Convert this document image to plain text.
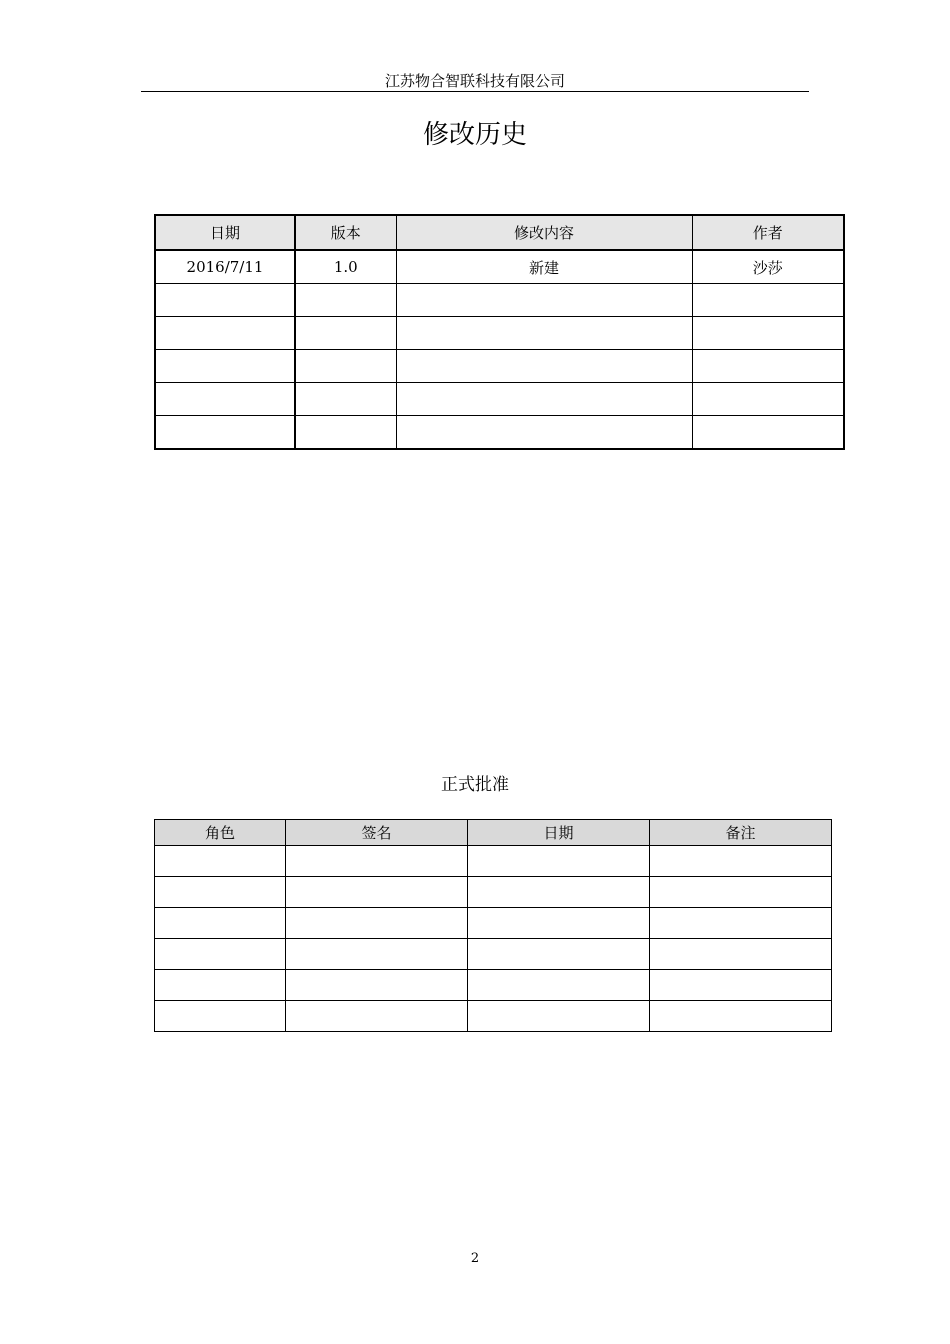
江苏物合智联科技有限公司
修改历史
日期	版本	修改内容	作者
2016/7/11	1.0	新建	沙莎

正式批准
角色	签名	日期	备注

2
